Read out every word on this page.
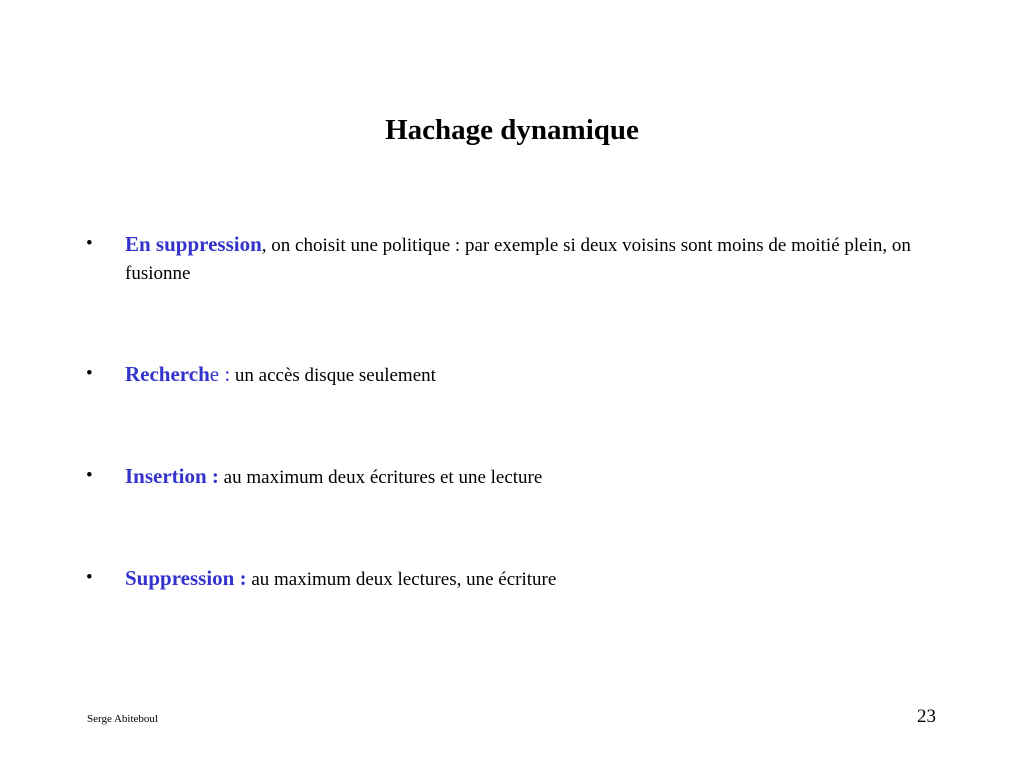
Hachage dynamique
• En suppression, on choisit une politique : par exemple si deux voisins sont moins de moitié plein, on fusionne
• Recherche : un accès disque seulement
• Insertion : au maximum deux écritures et une lecture
• Suppression : au maximum deux lectures, une écriture
Serge Abiteboul	23
